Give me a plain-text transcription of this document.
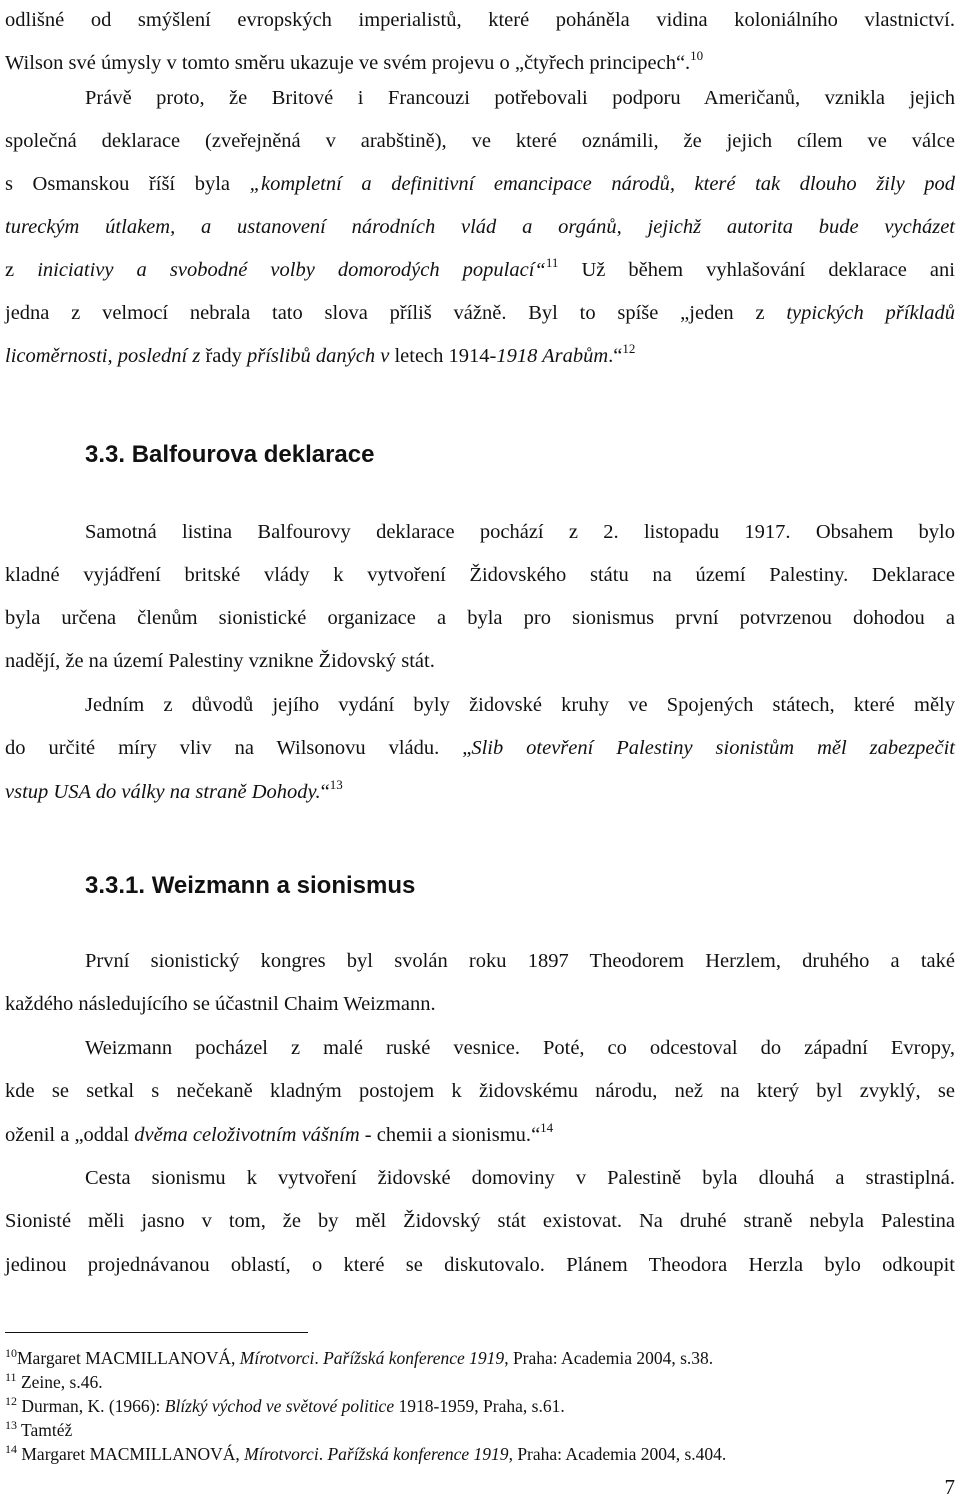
odlišné od smýšlení evropských imperialistů, které poháněla vidina koloniálního vlastnictví.
Wilson své úmysly v tomto směru ukazuje ve svém projevu o „čtyřech principech“.$^{10}$
Právě proto, že Britové i Francouzi potřebovali podporu Američanů, vznikla jejich
společná deklarace (zveřejněná v arabštině), ve které oznámili, že jejich cílem ve válce
s Osmanskou říší byla „kompletní a definitivní emancipace národů, které tak dlouho žily pod
tureckým útlakem, a ustanovení národních vlád a orgánů, jejichž autorita bude vycházet
z iniciativy a svobodné volby domorodých populací“$^{11}$ Už během vyhlašování deklarace ani
jedna z velmocí nebrala tato slova příliš vážně. Byl to spíše „jeden z typických příkladů
licoměrnosti, poslední z řady příslibů daných v letech 1914-1918 Arabům.“$^{12}$
3.3. Balfourova deklarace
Samotná listina Balfourovy deklarace pochází z 2. listopadu 1917. Obsahem bylo
kladné vyjádření britské vlády k vytvoření Židovského státu na území Palestiny. Deklarace
byla určena členům sionistické organizace a byla pro sionismus první potvrzenou dohodou a
nadějí, že na území Palestiny vznikne Židovský stát.
Jedním z důvodů jejího vydání byly židovské kruhy ve Spojených státech, které měly
do určité míry vliv na Wilsonovu vládu. „Slib otevření Palestiny sionistům měl zabezpečit
vstup USA do války na straně Dohody.“$^{13}$
3.3.1. Weizmann a sionismus
První sionistický kongres byl svolán roku 1897 Theodorem Herzlem, druhého a také
každého následujícího se účastnil Chaim Weizmann.
Weizmann pocházel z malé ruské vesnice. Poté, co odcestoval do západní Evropy,
kde se setkal s nečekaně kladným postojem k židovskému národu, než na který byl zvyklý, se
oženil a „oddal dvěma celoživotním vášním - chemii a sionismu.“$^{14}$
Cesta sionismu k vytvoření židovské domoviny v Palestině byla dlouhá a strastiplná.
Sionisté měli jasno v tom, že by měl Židovský stát existovat. Na druhé straně nebyla Palestina
jedinou projednávanou oblastí, o které se diskutovalo. Plánem Theodora Herzla bylo odkoupit
$^{10}$Margaret MACMILLANOVÁ, Mírotvorci. Pařížská konference 1919, Praha: Academia 2004, s.38.
$^{11}$ Zeine, s.46.
$^{12}$ Durman, K. (1966): Blízký východ ve světové politice 1918-1959, Praha, s.61.
$^{13}$ Tamtéž
$^{14}$ Margaret MACMILLANOVÁ, Mírotvorci. Pařížská konference 1919, Praha: Academia 2004, s.404.
7
